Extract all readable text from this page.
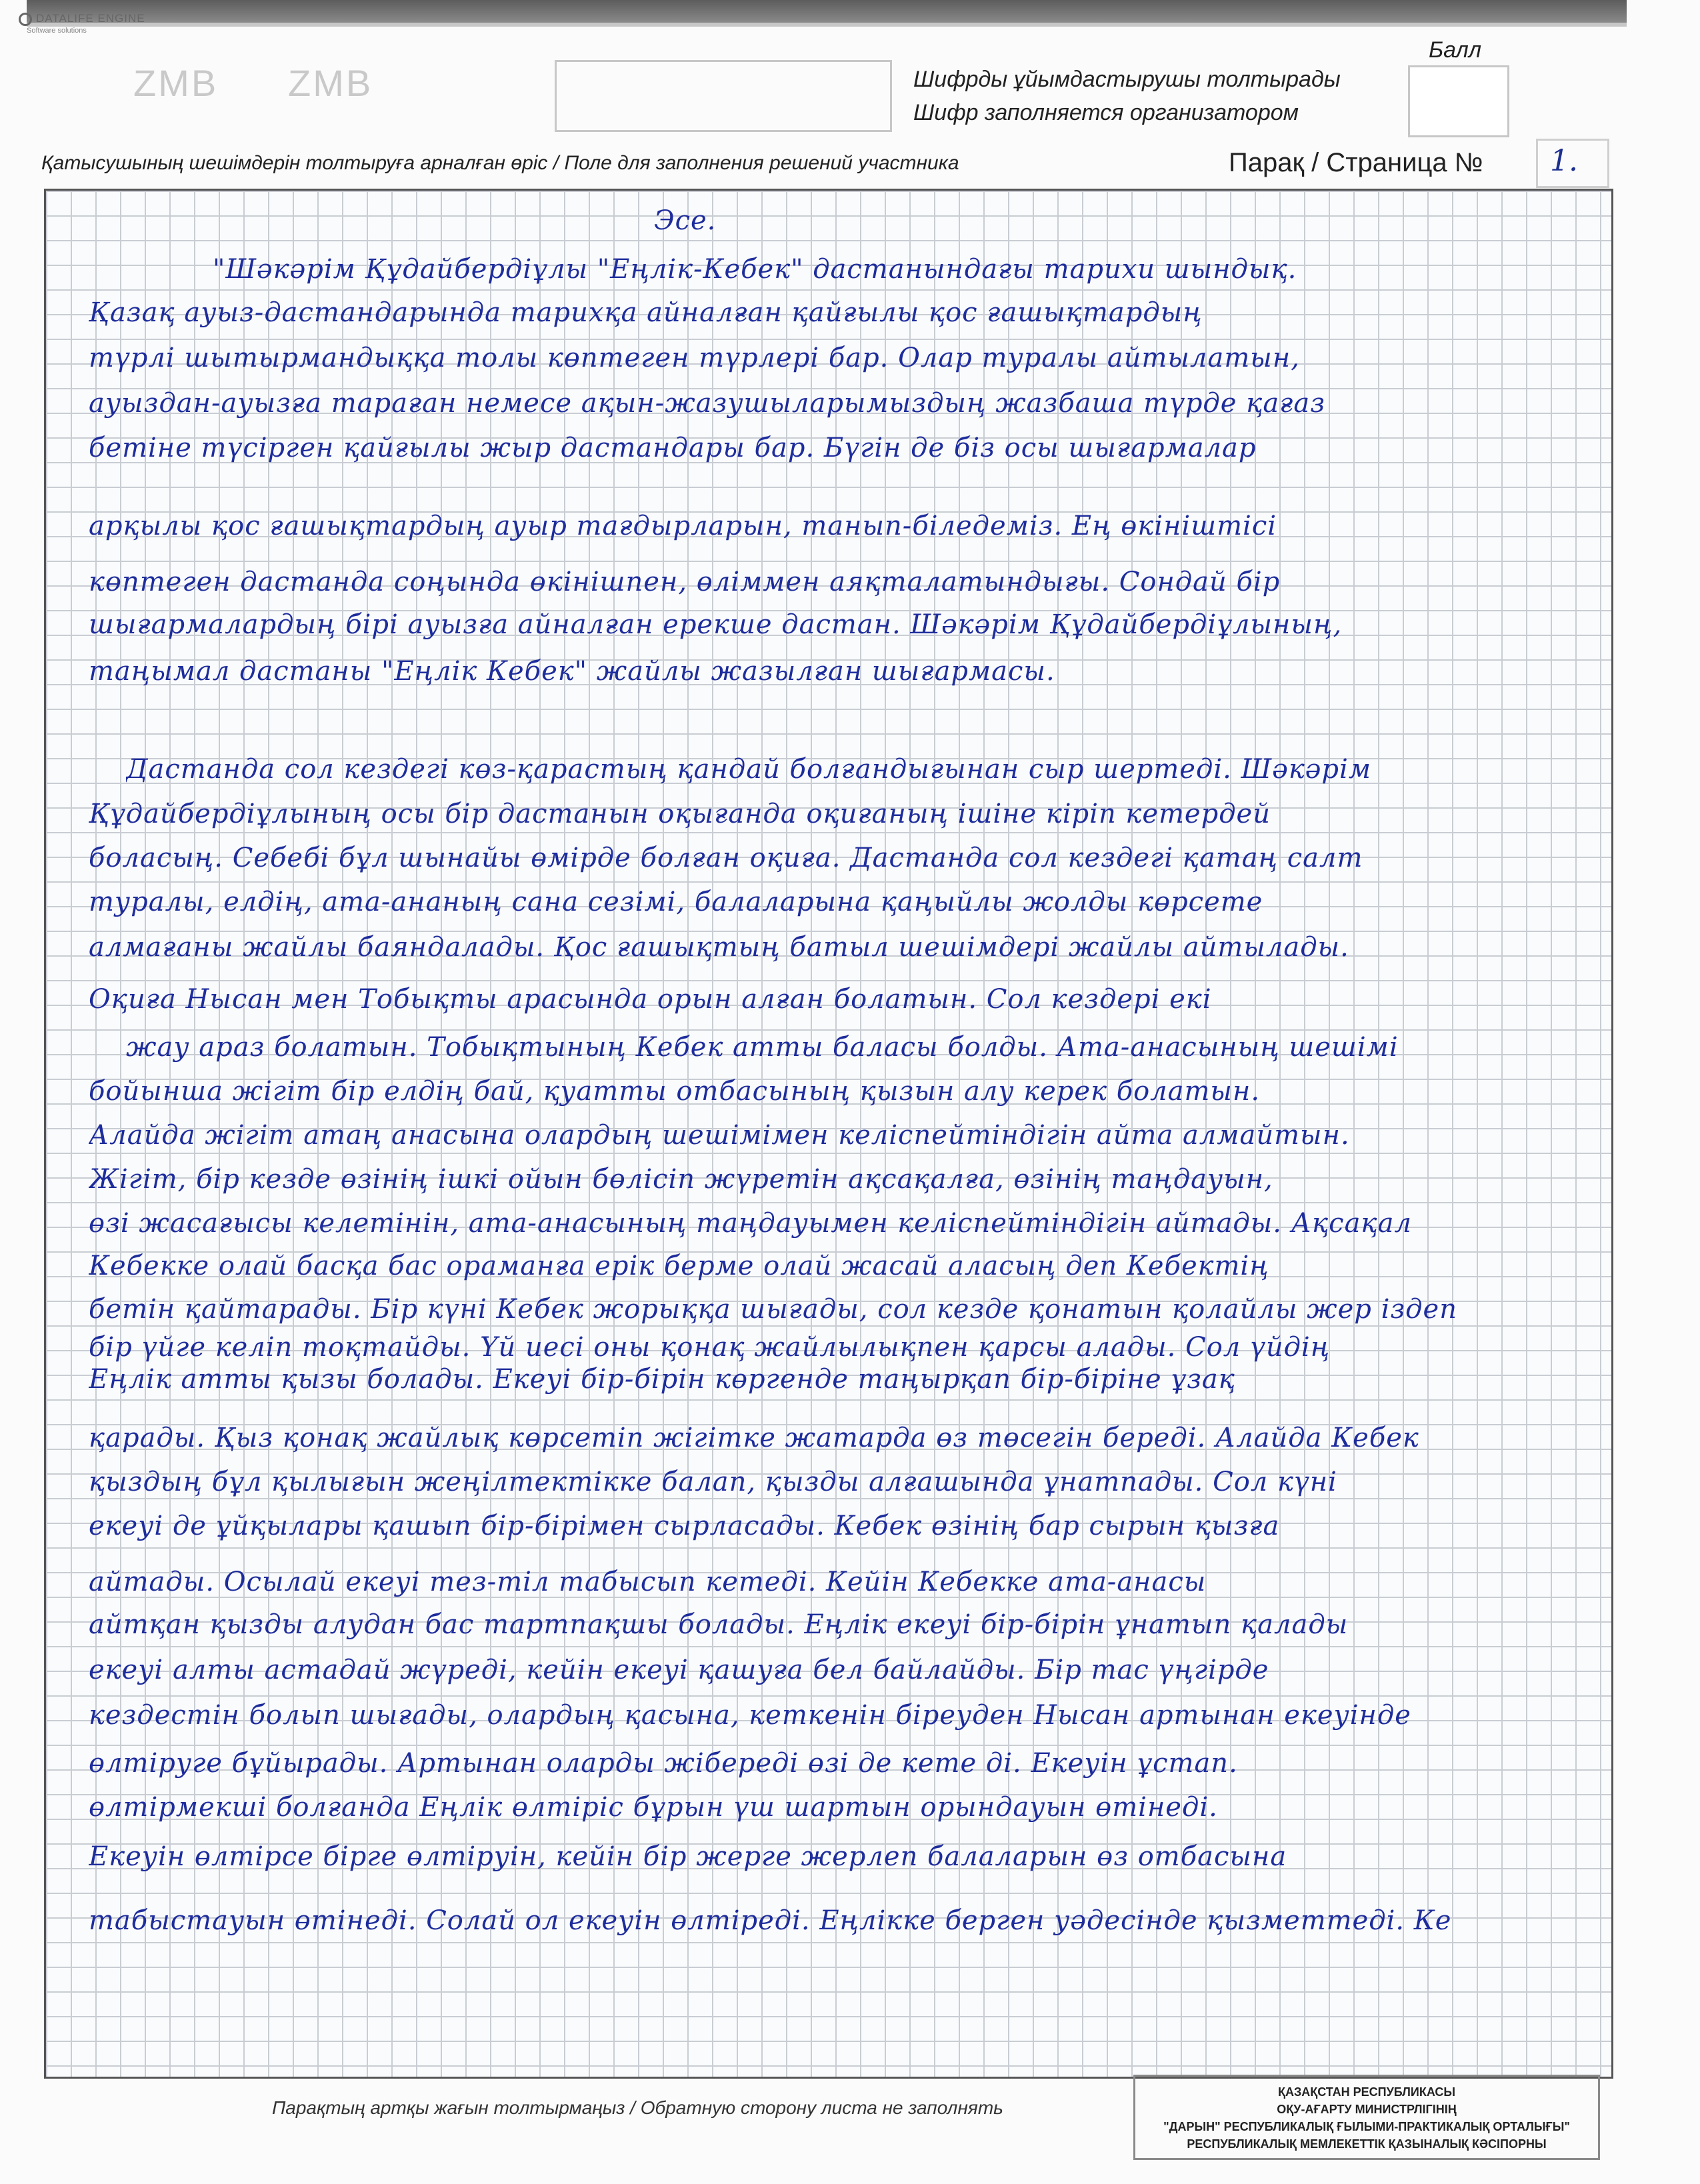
DATALIFE ENGINE
Software solutions
ZMB ZMB	Шифрды ұйымдастырушы толтырады
Шифр заполняется организатором
Балл
Қатысушының шешімдерін толтыруға арналған өріс / Поле для заполнения решений участника	Парақ / Страница № 1.
Эсе.
"Шәкәрім Құдайбердіұлы "Еңлік-Кебек" дастанындағы тарихи шындық.
Қазақ ауыз-дастандарында тарихқа айналған қайғылы қос ғашықтардың
түрлі шытырмандыққа толы көптеген түрлері бар. Олар туралы айтылатын,
ауыздан-ауызға тараған немесе ақын-жазушыларымыздың жазбаша түрде қағаз
бетіне түсірген қайғылы жыр дастандары бар. Бүгін де біз осы шығармалар
арқылы қос ғашықтардың ауыр тағдырларын, танып-біледеміз. Ең өкініштісі
көптеген дастанда соңында өкінішпен, өліммен аяқталатындығы. Сондай бір
шығармалардың бірі ауызға айналған ерекше дастан. Шәкәрім Құдайбердіұлының,
таңымал дастаны "Еңлік Кебек" жайлы жазылған шығармасы.
Дастанда сол кездегі көз-қарастың қандай болғандығынан сыр шертеді. Шәкәрім
Құдайбердіұлының осы бір дастанын оқығанда оқиғаның ішіне кіріп кетердей
боласың. Себебі бұл шынайы өмірде болған оқиға. Дастанда сол кездегі қатаң салт
туралы, елдің, ата-ананың сана сезімі, балаларына қаңыйлы жолды көрсете
алмағаны жайлы баяндалады. Қос ғашықтың батыл шешімдері жайлы айтылады.
Оқиға Нысан мен Тобықты арасында орын алған болатын. Сол кездері екі
жау араз болатын. Тобықтының Кебек атты баласы болды. Ата-анасының шешімі
бойынша жігіт бір елдің бай, қуатты отбасының қызын алу керек болатын.
Алайда жігіт атаң анасына олардың шешімімен келіспейтіндігін айта алмайтын.
Жігіт, бір кезде өзінің ішкі ойын бөлісіп жүретін ақсақалға, өзінің таңдауын,
өзі жасағысы келетінін, ата-анасының таңдауымен келіспейтіндігін айтады. Ақсақал
Кебекке олай басқа бас ораманға ерік берме олай жасай аласың деп Кебектің
бетін қайтарады. Бір күні Кебек жорыққа шығады, сол кезде қонатын қолайлы жер іздеп
бір үйге келіп тоқтайды. Үй иесі оны қонақ жайлылықпен қарсы алады. Сол үйдің
Еңлік атты қызы болады. Екеуі бір-бірін көргенде таңырқап бір-біріне ұзақ
қарады. Қыз қонақ жайлық көрсетіп жігітке жатарда өз төсегін береді. Алайда Кебек
қыздың бұл қылығын жеңілтектікке балап, қызды алғашында ұнатпады. Сол күні
екеуі де ұйқылары қашып бір-бірімен сырласады. Кебек өзінің бар сырын қызға
айтады. Осылай екеуі тез-тіл табысып кетеді. Кейін Кебекке ата-анасы
айтқан қызды алудан бас тартпақшы болады. Еңлік екеуі бір-бірін ұнатып қалады
екеуі алты астадай жүреді, кейін екеуі қашуға бел байлайды. Бір тас үңгірде
кездестін болып шығады, олардың қасына, кеткенін біреуден Нысан артынан екеуінде
өлтіруге бұйырады. Артынан оларды жібереді өзі де кете ді. Екеуін ұстап.
өлтірмекші болғанда Еңлік өлтіріс бұрын үш шартын орындауын өтінеді.
Екеуін өлтірсе бірге өлтіруін, кейін бір жерге жерлеп балаларын өз отбасына
табыстауын өтінеді. Солай ол екеуін өлтіреді. Еңлікке берген уәдесінде қызметтеді. Ке
Парақтың артқы жағын толтырмаңыз / Обратную сторону листа не заполнять
ҚАЗАҚСТАН РЕСПУБЛИКАСЫ
ОҚУ-АҒАРТУ МИНИСТРЛІГІНІҢ
"ДАРЫН" РЕСПУБЛИКАЛЫҚ ҒЫЛЫМИ-ПРАКТИКАЛЫҚ ОРТАЛЫҒЫ"
РЕСПУБЛИКАЛЫҚ МЕМЛЕКЕТТІК ҚАЗЫНАЛЫҚ КӘСІПОРНЫ
